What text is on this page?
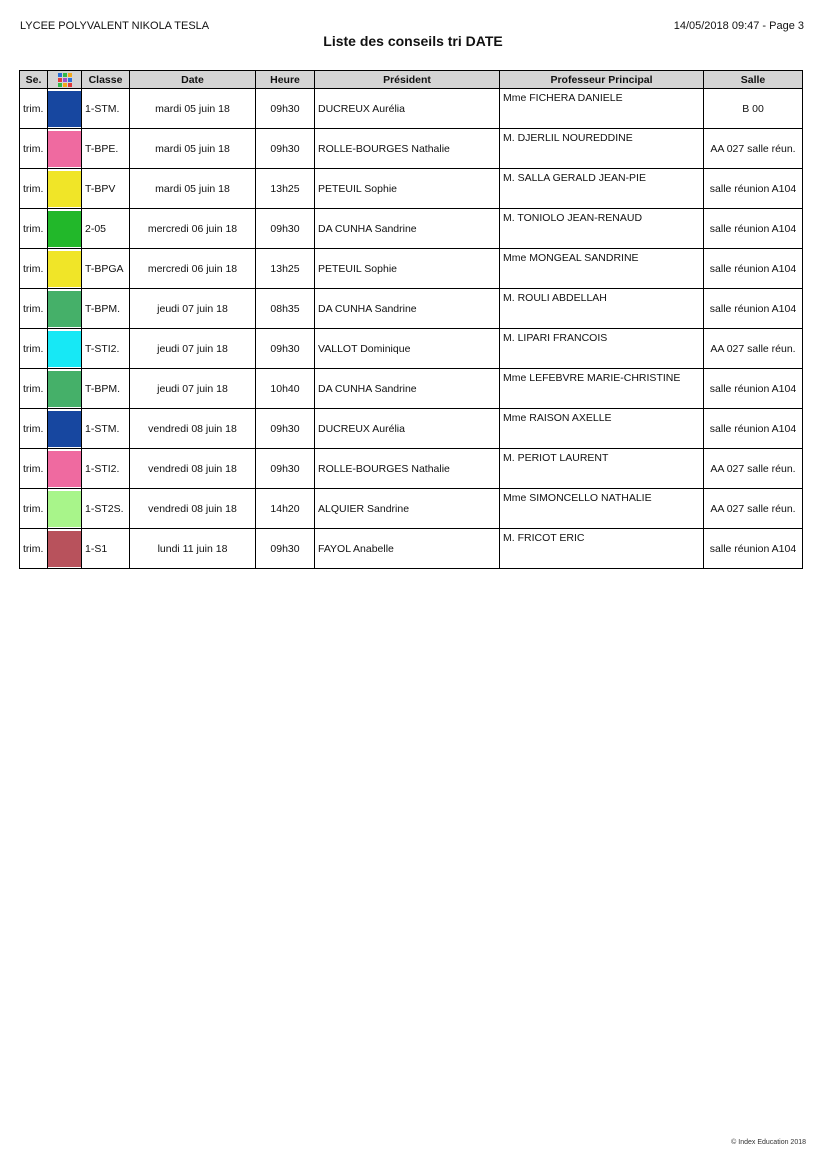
LYCEE POLYVALENT NIKOLA TESLA	14/05/2018 09:47 - Page 3
Liste des conseils tri DATE
Se.		Classe	Date	Heure	Président	Professeur Principal	Salle
trim.		1-STM.	mardi 05 juin 18	09h30	DUCREUX Aurélia	Mme FICHERA DANIELE	B 00
trim.		T-BPE.	mardi 05 juin 18	09h30	ROLLE-BOURGES Nathalie	M. DJERLIL NOUREDDINE	AA 027 salle réun.
trim.		T-BPV	mardi 05 juin 18	13h25	PETEUIL Sophie	M. SALLA GERALD JEAN-PIE	salle réunion A104
trim.		2-05	mercredi 06 juin 18	09h30	DA CUNHA Sandrine	M. TONIOLO JEAN-RENAUD	salle réunion A104
trim.		T-BPGA	mercredi 06 juin 18	13h25	PETEUIL Sophie	Mme MONGEAL SANDRINE	salle réunion A104
trim.		T-BPM.	jeudi 07 juin 18	08h35	DA CUNHA Sandrine	M. ROULI ABDELLAH	salle réunion A104
trim.		T-STI2.	jeudi 07 juin 18	09h30	VALLOT Dominique	M. LIPARI FRANCOIS	AA 027 salle réun.
trim.		T-BPM.	jeudi 07 juin 18	10h40	DA CUNHA Sandrine	Mme LEFEBVRE MARIE-CHRISTINE	salle réunion A104
trim.		1-STM.	vendredi 08 juin 18	09h30	DUCREUX Aurélia	Mme RAISON AXELLE	salle réunion A104
trim.		1-STI2.	vendredi 08 juin 18	09h30	ROLLE-BOURGES Nathalie	M. PERIOT LAURENT	AA 027 salle réun.
trim.		1-ST2S.	vendredi 08 juin 18	14h20	ALQUIER Sandrine	Mme SIMONCELLO NATHALIE	AA 027 salle réun.
trim.		1-S1	lundi 11 juin 18	09h30	FAYOL Anabelle	M. FRICOT ERIC	salle réunion A104
© Index Education 2018
